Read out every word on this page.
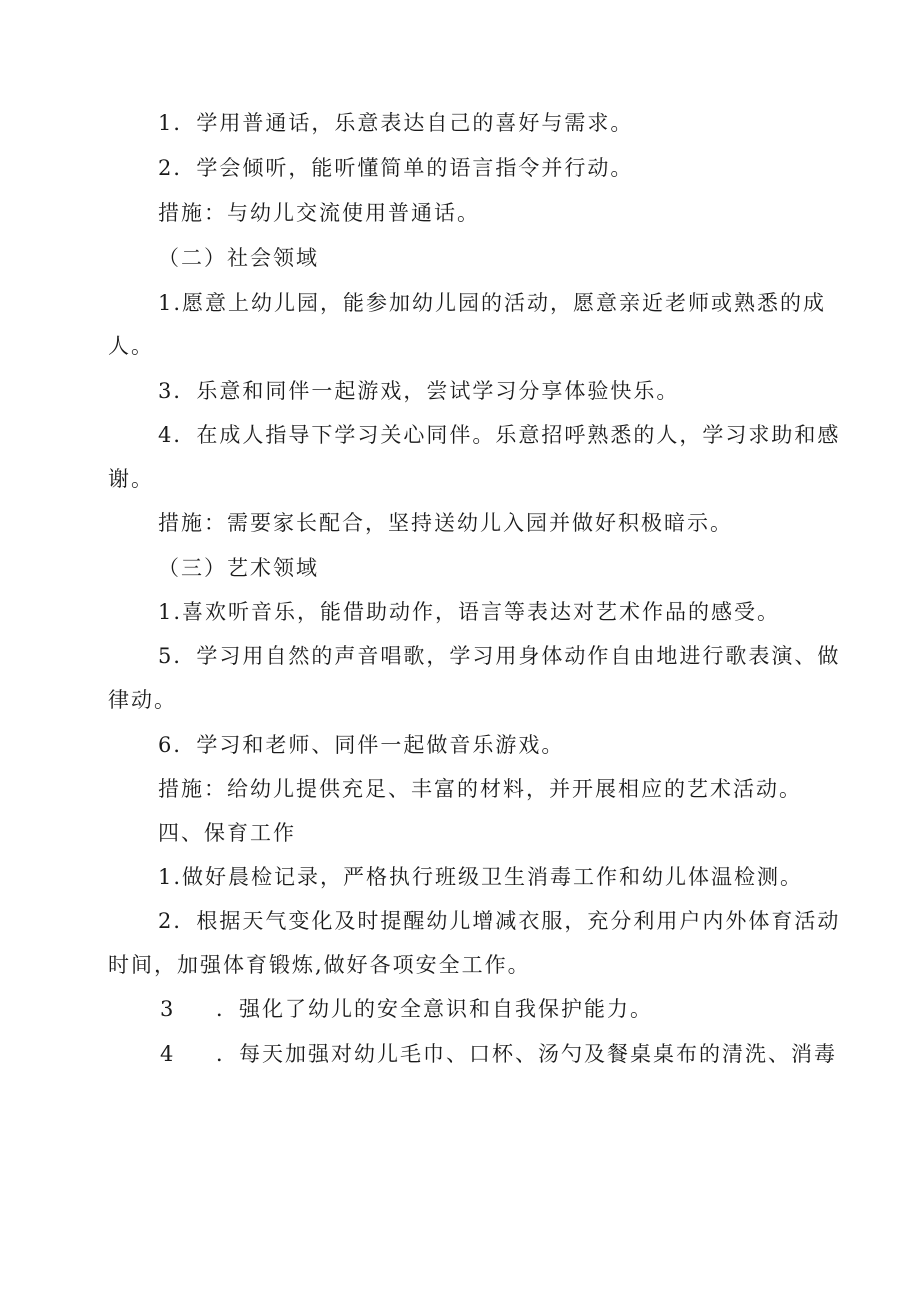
1．学用普通话，乐意表达自己的喜好与需求。
2．学会倾听，能听懂简单的语言指令并行动。
措施：与幼儿交流使用普通话。
（二）社会领域
1.愿意上幼儿园，能参加幼儿园的活动，愿意亲近老师或熟悉的成
人。
3．乐意和同伴一起游戏，尝试学习分享体验快乐。
4．在成人指导下学习关心同伴。乐意招呼熟悉的人，学习求助和感
谢。
措施：需要家长配合，坚持送幼儿入园并做好积极暗示。
（三）艺术领域
1.喜欢听音乐，能借助动作，语言等表达对艺术作品的感受。
5．学习用自然的声音唱歌，学习用身体动作自由地进行歌表演、做
律动。
6．学习和老师、同伴一起做音乐游戏。
措施：给幼儿提供充足、丰富的材料，并开展相应的艺术活动。
四、保育工作
1.做好晨检记录，严格执行班级卫生消毒工作和幼儿体温检测。
2．根据天气变化及时提醒幼儿增减衣服，充分利用户内外体育活动
时间，加强体育锻炼,做好各项安全工作。
3 ．强化了幼儿的安全意识和自我保护能力。
4 ．每天加强对幼儿毛巾、口杯、汤勺及餐桌桌布的清洗、消毒
